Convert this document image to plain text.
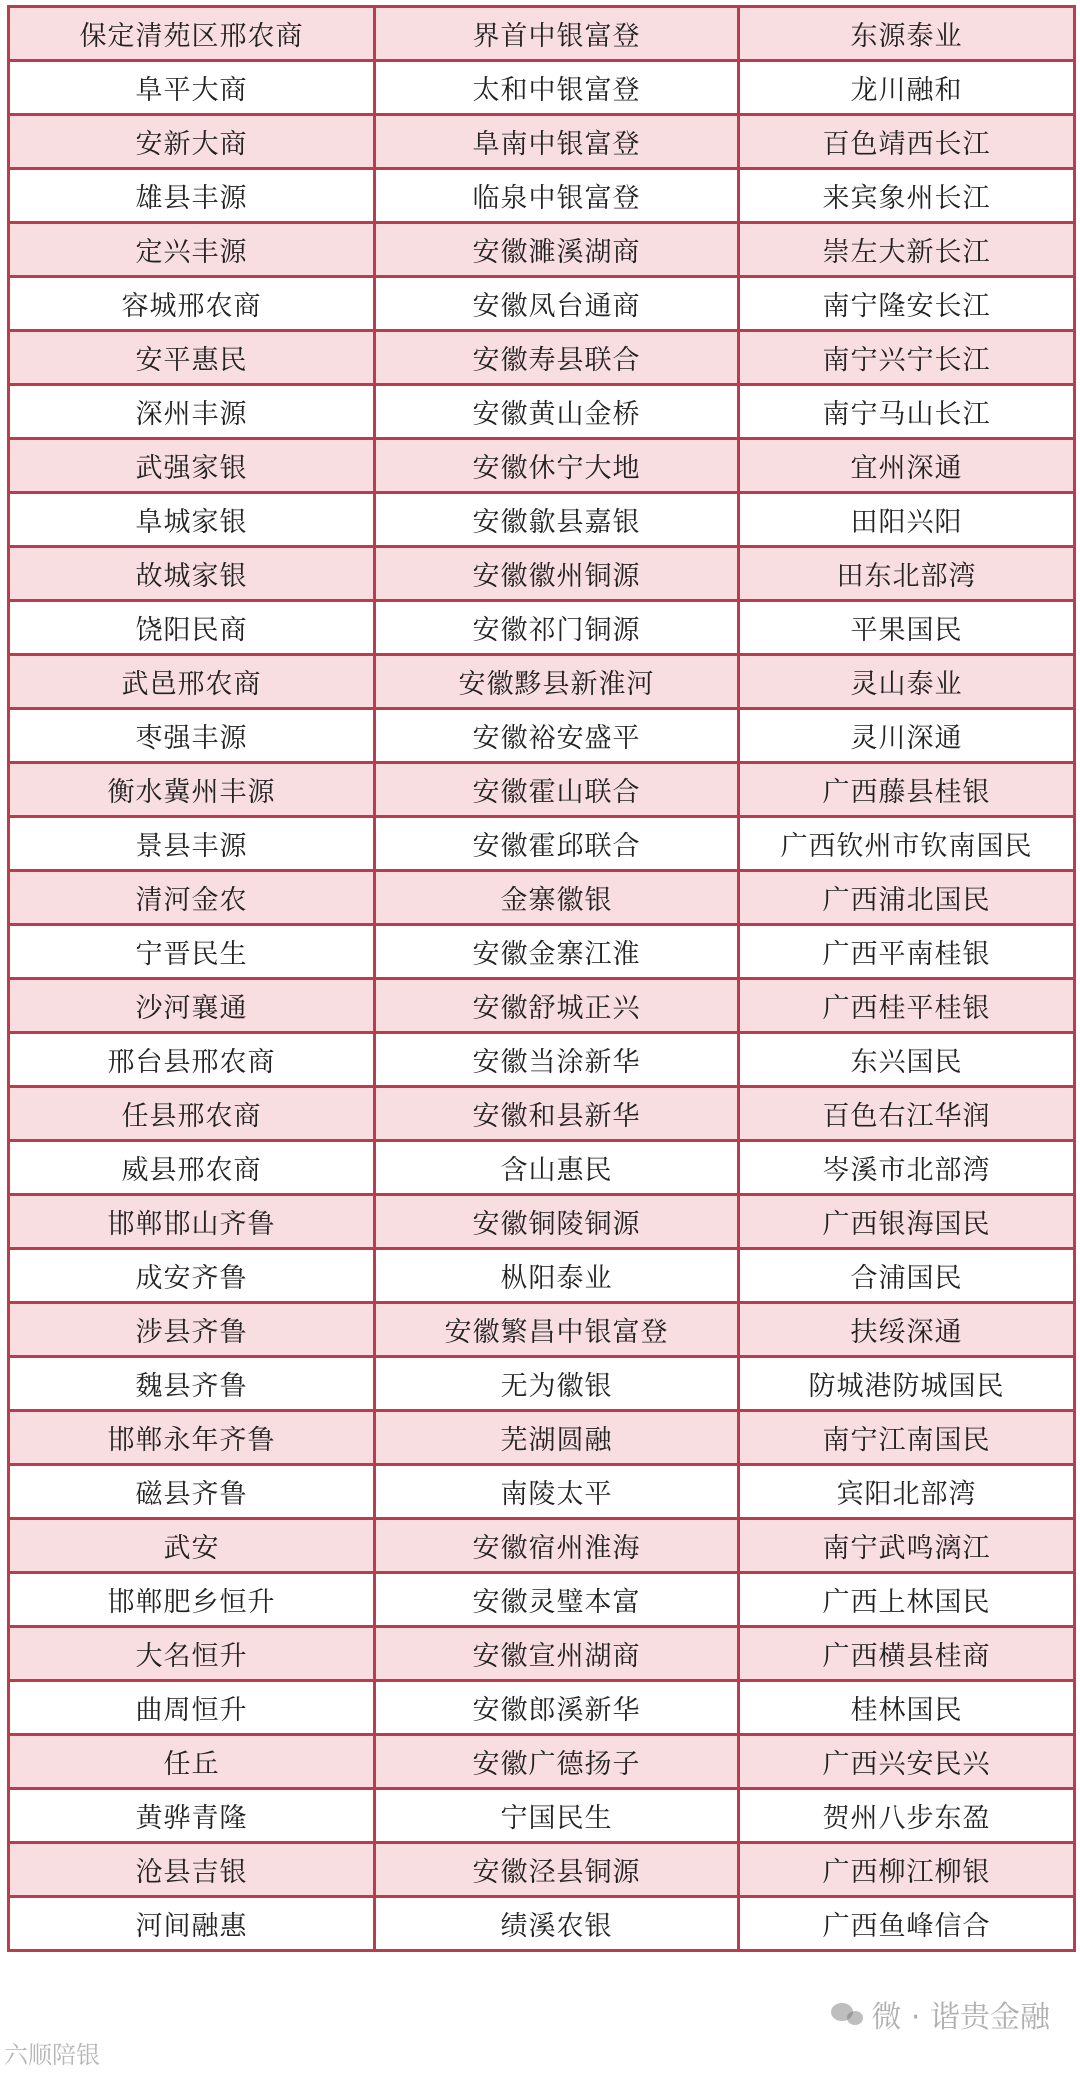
保定清苑区邢农商	界首中银富登	东源泰业
阜平大商	太和中银富登	龙川融和
安新大商	阜南中银富登	百色靖西长江
雄县丰源	临泉中银富登	来宾象州长江
定兴丰源	安徽濉溪湖商	崇左大新长江
容城邢农商	安徽凤台通商	南宁隆安长江
安平惠民	安徽寿县联合	南宁兴宁长江
深州丰源	安徽黄山金桥	南宁马山长江
武强家银	安徽休宁大地	宜州深通
阜城家银	安徽歙县嘉银	田阳兴阳
故城家银	安徽徽州铜源	田东北部湾
饶阳民商	安徽祁门铜源	平果国民
武邑邢农商	安徽黟县新淮河	灵山泰业
枣强丰源	安徽裕安盛平	灵川深通
衡水冀州丰源	安徽霍山联合	广西藤县桂银
景县丰源	安徽霍邱联合	广西钦州市钦南国民
清河金农	金寨徽银	广西浦北国民
宁晋民生	安徽金寨江淮	广西平南桂银
沙河襄通	安徽舒城正兴	广西桂平桂银
邢台县邢农商	安徽当涂新华	东兴国民
任县邢农商	安徽和县新华	百色右江华润
威县邢农商	含山惠民	岑溪市北部湾
邯郸邯山齐鲁	安徽铜陵铜源	广西银海国民
成安齐鲁	枞阳泰业	合浦国民
涉县齐鲁	安徽繁昌中银富登	扶绥深通
魏县齐鲁	无为徽银	防城港防城国民
邯郸永年齐鲁	芜湖圆融	南宁江南国民
磁县齐鲁	南陵太平	宾阳北部湾
武安	安徽宿州淮海	南宁武鸣漓江
邯郸肥乡恒升	安徽灵璧本富	广西上林国民
大名恒升	安徽宣州湖商	广西横县桂商
曲周恒升	安徽郎溪新华	桂林国民
任丘	安徽广德扬子	广西兴安民兴
黄骅青隆	宁国民生	贺州八步东盈
沧县吉银	安徽泾县铜源	广西柳江柳银
河间融惠	绩溪农银	广西鱼峰信合
六顺陪银
微 · 谐贵金融
